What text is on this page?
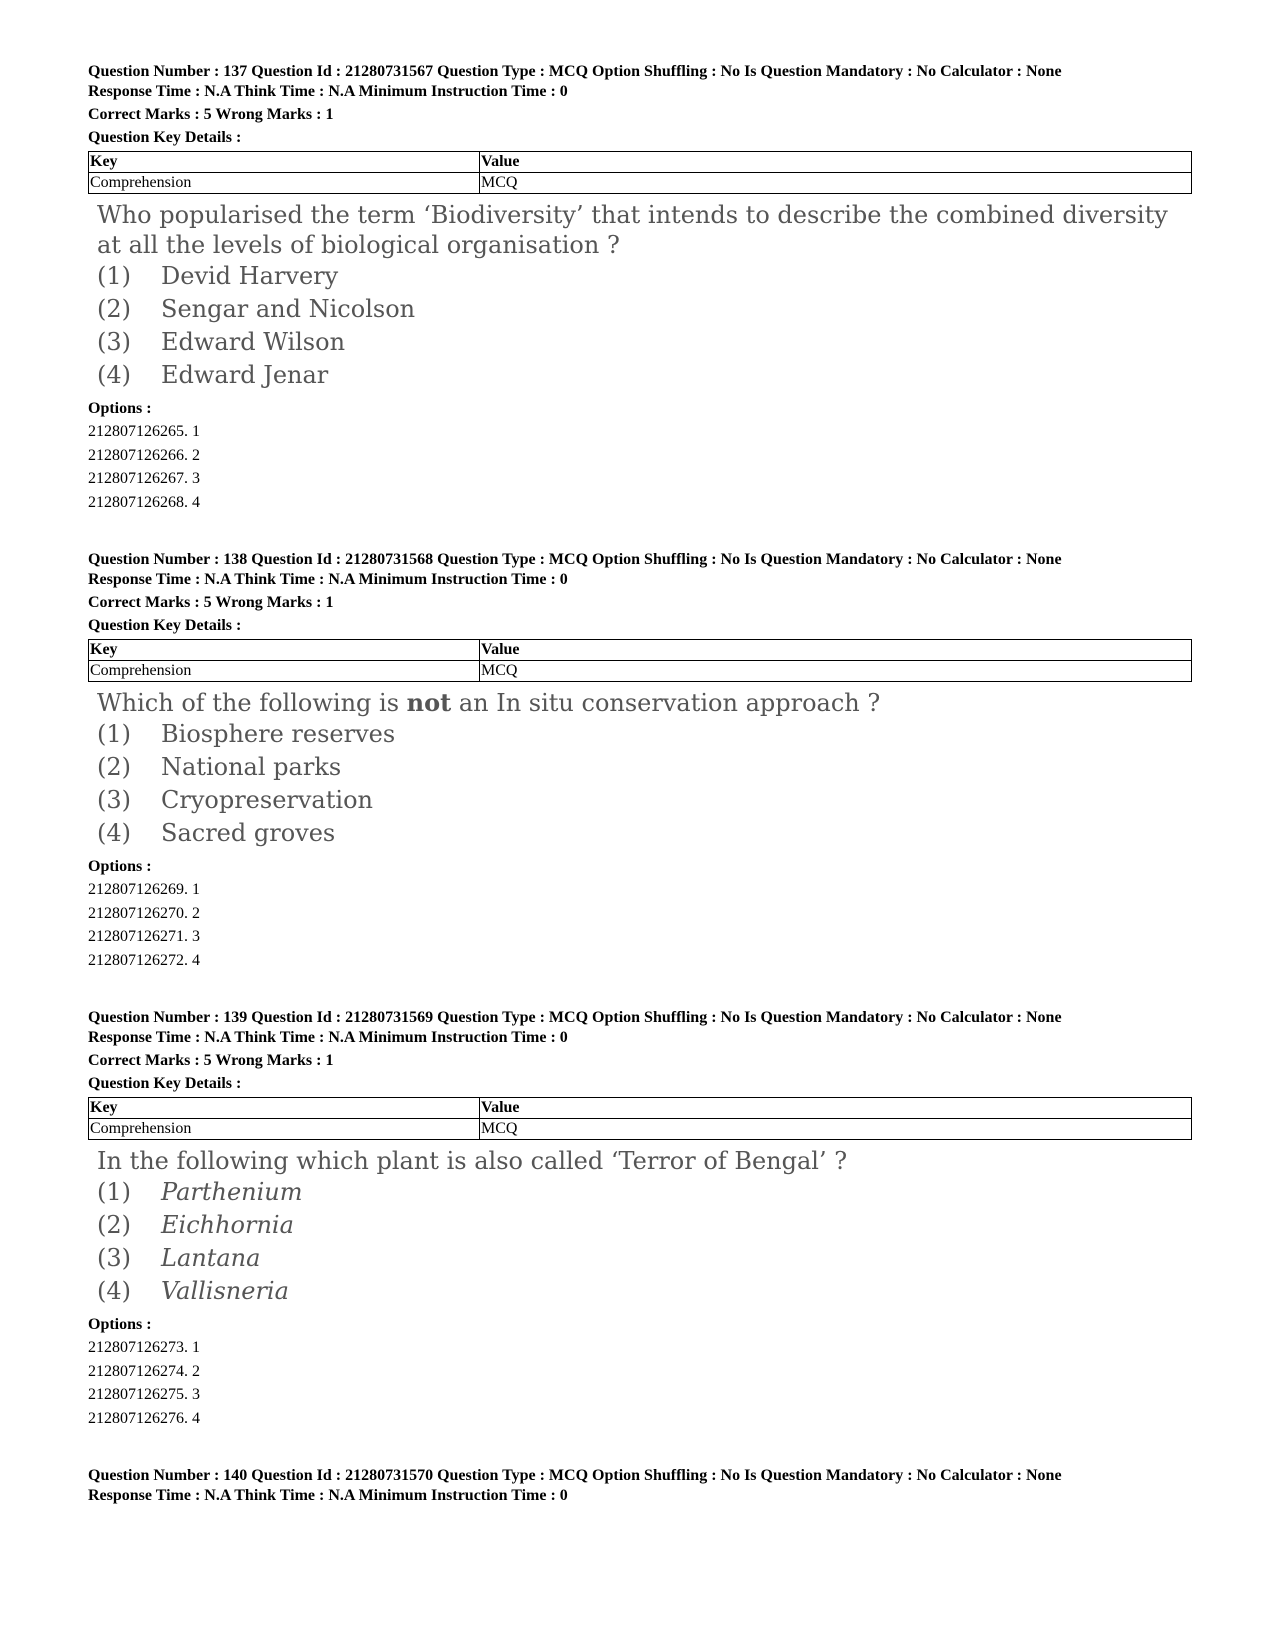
Question Number : 137 Question Id : 21280731567 Question Type : MCQ Option Shuffling : No Is Question Mandatory : No Calculator : None
Response Time : N.A Think Time : N.A Minimum Instruction Time : 0
Correct Marks : 5 Wrong Marks : 1
Question Key Details :
Key	Value
Comprehension	MCQ
Who popularised the term ‘Biodiversity’ that intends to describe the combined diversity at all the levels of biological organisation ?
(1)	Devid Harvery
(2)	Sengar and Nicolson
(3)	Edward Wilson
(4)	Edward Jenar
Options :
212807126265. 1
212807126266. 2
212807126267. 3
212807126268. 4
Question Number : 138 Question Id : 21280731568 Question Type : MCQ Option Shuffling : No Is Question Mandatory : No Calculator : None
Response Time : N.A Think Time : N.A Minimum Instruction Time : 0
Correct Marks : 5 Wrong Marks : 1
Question Key Details :
Key	Value
Comprehension	MCQ
Which of the following is not an In situ conservation approach ?
(1)	Biosphere reserves
(2)	National parks
(3)	Cryopreservation
(4)	Sacred groves
Options :
212807126269. 1
212807126270. 2
212807126271. 3
212807126272. 4
Question Number : 139 Question Id : 21280731569 Question Type : MCQ Option Shuffling : No Is Question Mandatory : No Calculator : None
Response Time : N.A Think Time : N.A Minimum Instruction Time : 0
Correct Marks : 5 Wrong Marks : 1
Question Key Details :
Key	Value
Comprehension	MCQ
In the following which plant is also called ‘Terror of Bengal’ ?
(1)	Parthenium
(2)	Eichhornia
(3)	Lantana
(4)	Vallisneria
Options :
212807126273. 1
212807126274. 2
212807126275. 3
212807126276. 4
Question Number : 140 Question Id : 21280731570 Question Type : MCQ Option Shuffling : No Is Question Mandatory : No Calculator : None
Response Time : N.A Think Time : N.A Minimum Instruction Time : 0
